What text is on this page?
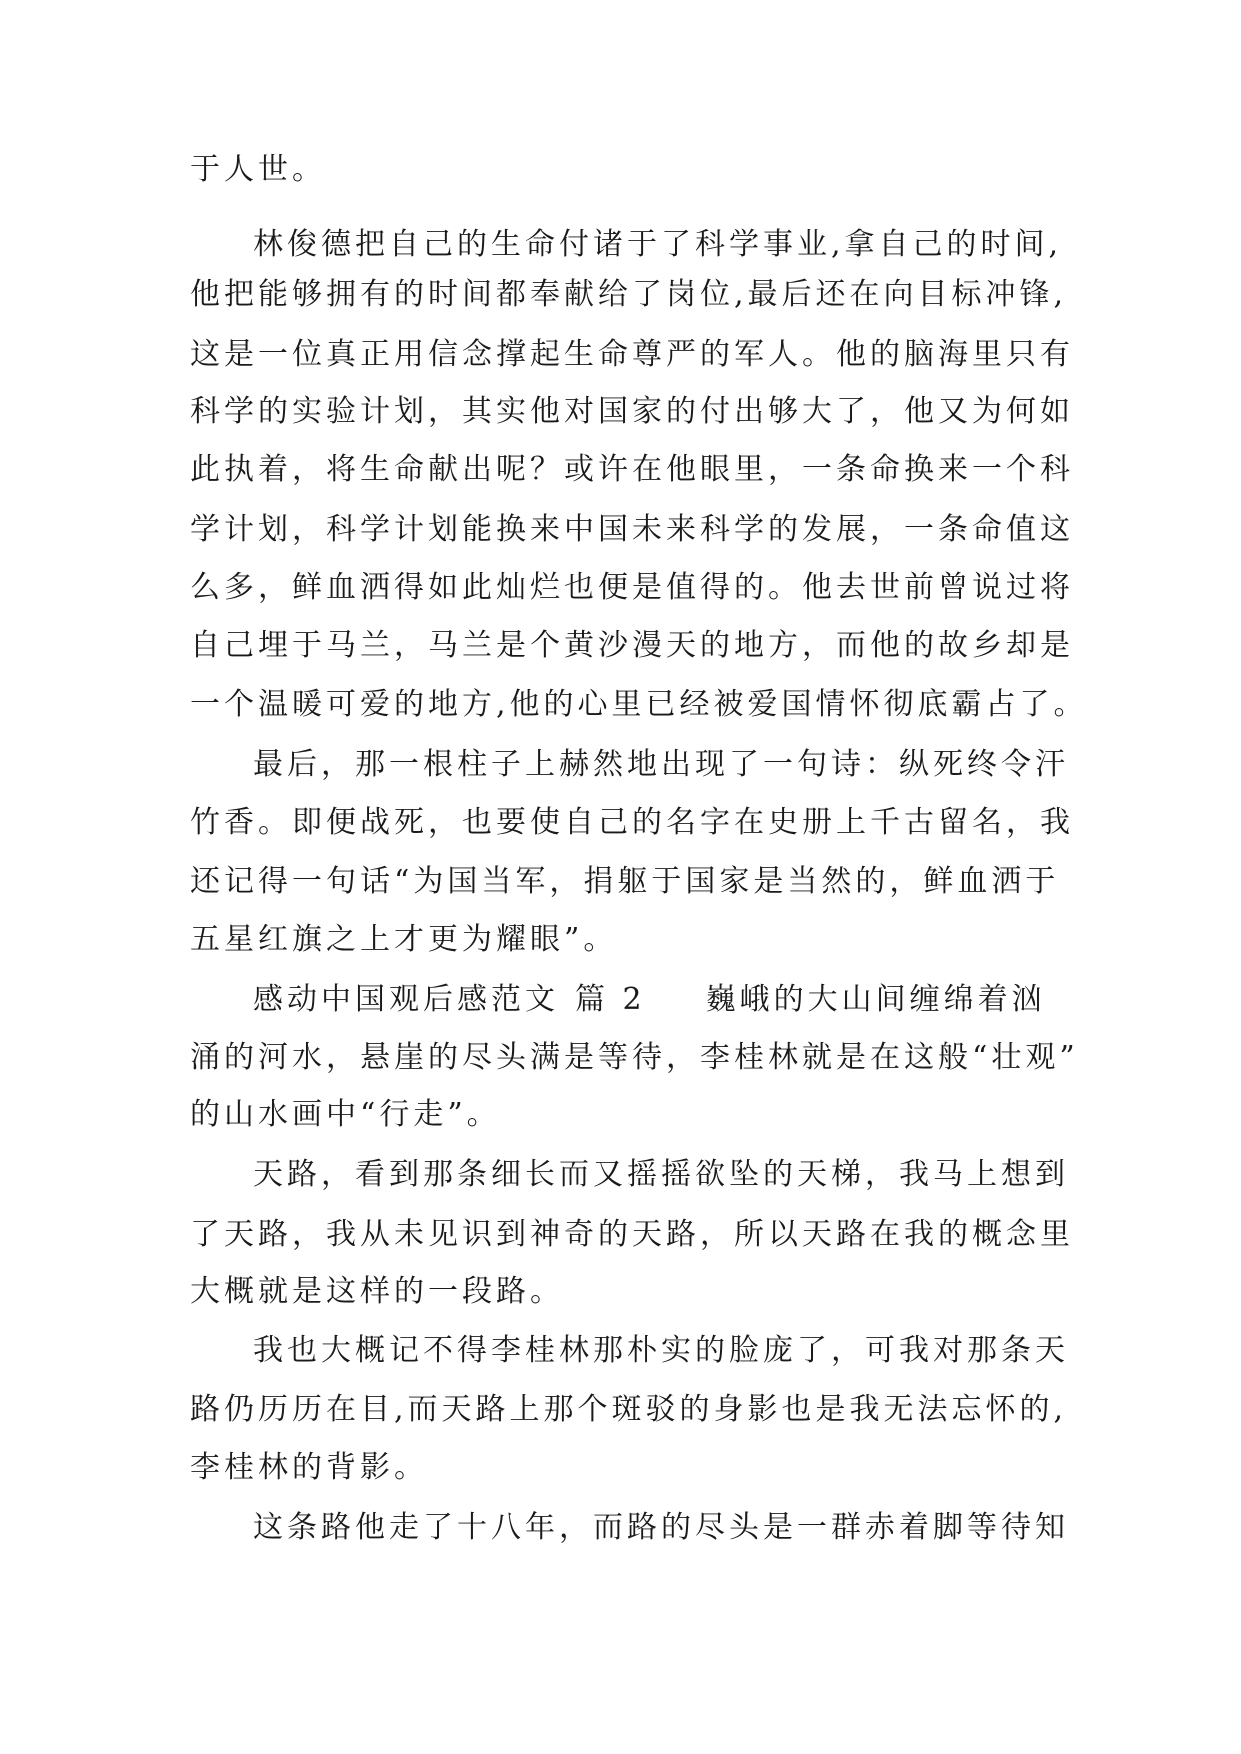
于人世。

林俊德把自己的生命付诸于了科学事业,拿自己的时间,

他把能够拥有的时间都奉献给了岗位,最后还在向目标冲锋,

这是一位真正用信念撑起生命尊严的军人。他的脑海里只有

科学的实验计划，其实他对国家的付出够大了，他又为何如

此执着，将生命献出呢？或许在他眼里，一条命换来一个科

学计划，科学计划能换来中国未来科学的发展，一条命值这

么多，鲜血洒得如此灿烂也便是值得的。他去世前曾说过将

自己埋于马兰，马兰是个黄沙漫天的地方，而他的故乡却是

一个温暖可爱的地方,他的心里已经被爱国情怀彻底霸占了。

最后，那一根柱子上赫然地出现了一句诗：纵死终令汗

竹香。即便战死，也要使自己的名字在史册上千古留名，我

还记得一句话“为国当军，捐躯于国家是当然的，鲜血洒于

五星红旗之上才更为耀眼”。

感动中国观后感范文 篇 2 巍峨的大山间缠绵着汹

涌的河水，悬崖的尽头满是等待，李桂林就是在这般“壮观”

的山水画中“行走”。

天路，看到那条细长而又摇摇欲坠的天梯，我马上想到

了天路，我从未见识到神奇的天路，所以天路在我的概念里

大概就是这样的一段路。

我也大概记不得李桂林那朴实的脸庞了，可我对那条天

路仍历历在目,而天路上那个斑驳的身影也是我无法忘怀的,

李桂林的背影。

这条路他走了十八年，而路的尽头是一群赤着脚等待知
